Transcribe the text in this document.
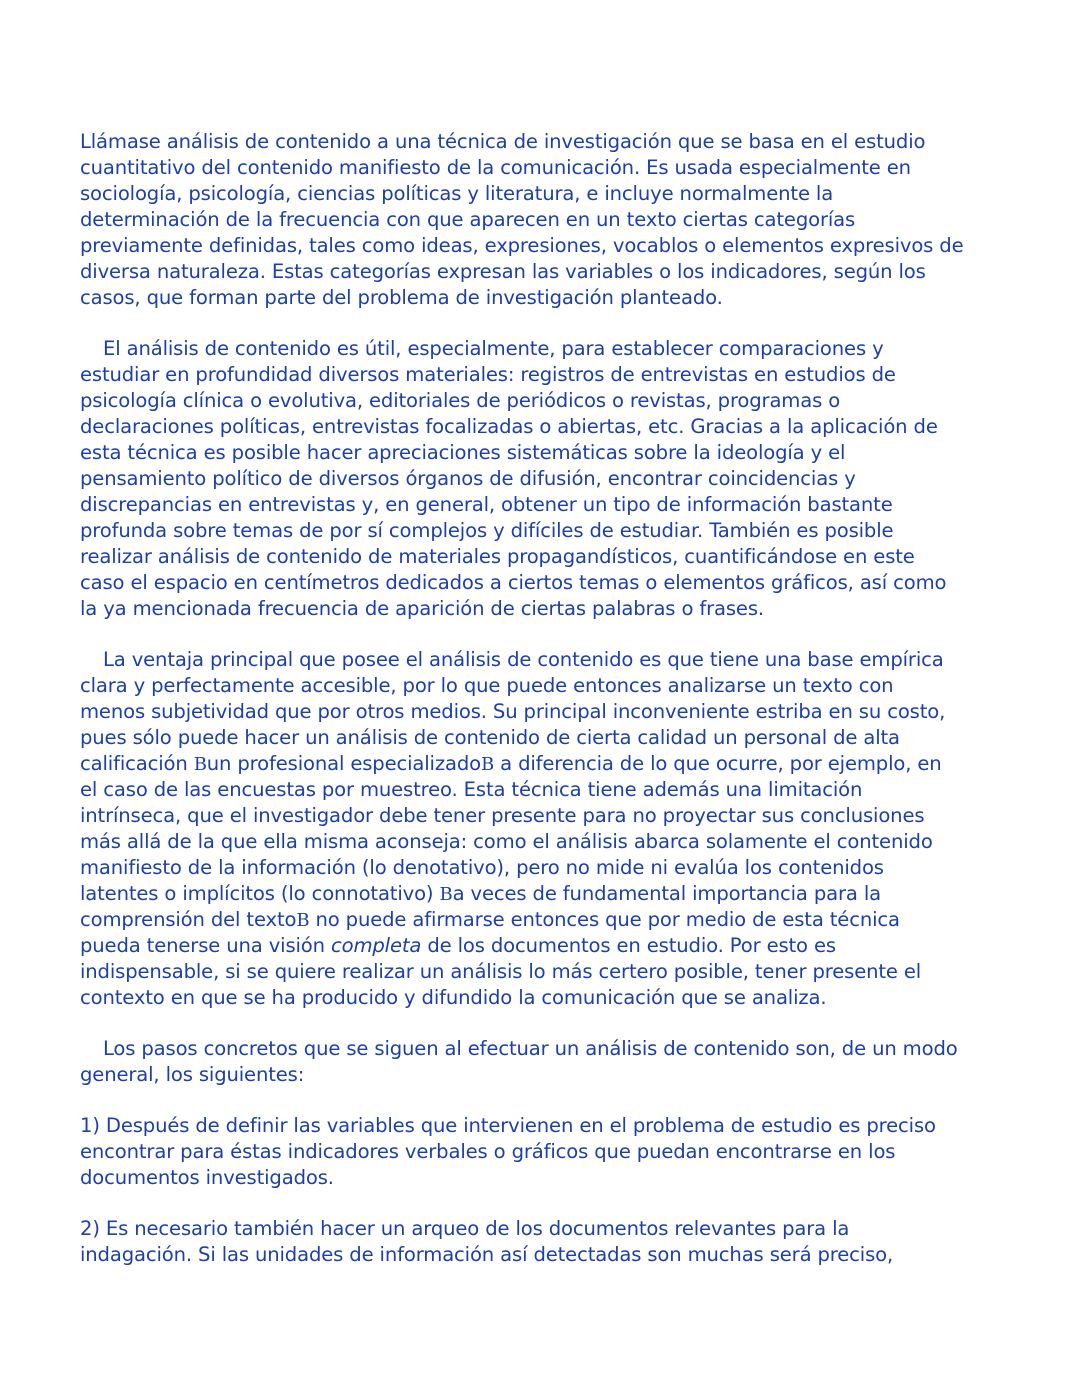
Llámase análisis de contenido a una técnica de investigación que se basa en el estudio
cuantitativo del contenido manifiesto de la comunicación. Es usada especialmente en
sociología, psicología, ciencias políticas y literatura, e incluye normalmente la
determinación de la frecuencia con que aparecen en un texto ciertas categorías
previamente definidas, tales como ideas, expresiones, vocablos o elementos expresivos de
diversa naturaleza. Estas categorías expresan las variables o los indicadores, según los
casos, que forman parte del problema de investigación planteado.
El análisis de contenido es útil, especialmente, para establecer comparaciones y
estudiar en profundidad diversos materiales: registros de entrevistas en estudios de
psicología clínica o evolutiva, editoriales de periódicos o revistas, programas o
declaraciones políticas, entrevistas focalizadas o abiertas, etc. Gracias a la aplicación de
esta técnica es posible hacer apreciaciones sistemáticas sobre la ideología y el
pensamiento político de diversos órganos de difusión, encontrar coincidencias y
discrepancias en entrevistas y, en general, obtener un tipo de información bastante
profunda sobre temas de por sí complejos y difíciles de estudiar. También es posible
realizar análisis de contenido de materiales propagandísticos, cuantificándose en este
caso el espacio en centímetros dedicados a ciertos temas o elementos gráficos, así como
la ya mencionada frecuencia de aparición de ciertas palabras o frases.
La ventaja principal que posee el análisis de contenido es que tiene una base empírica
clara y perfectamente accesible, por lo que puede entonces analizarse un texto con
menos subjetividad que por otros medios. Su principal inconveniente estriba en su costo,
pues sólo puede hacer un análisis de contenido de cierta calidad un personal de alta
calificación Bun profesional especializadoB a diferencia de lo que ocurre, por ejemplo, en
el caso de las encuestas por muestreo. Esta técnica tiene además una limitación
intrínseca, que el investigador debe tener presente para no proyectar sus conclusiones
más allá de la que ella misma aconseja: como el análisis abarca solamente el contenido
manifiesto de la información (lo denotativo), pero no mide ni evalúa los contenidos
latentes o implícitos (lo connotativo) Ba veces de fundamental importancia para la
comprensión del textoB no puede afirmarse entonces que por medio de esta técnica
pueda tenerse una visión completa de los documentos en estudio. Por esto es
indispensable, si se quiere realizar un análisis lo más certero posible, tener presente el
contexto en que se ha producido y difundido la comunicación que se analiza.
Los pasos concretos que se siguen al efectuar un análisis de contenido son, de un modo
general, los siguientes:
1) Después de definir las variables que intervienen en el problema de estudio es preciso
encontrar para éstas indicadores verbales o gráficos que puedan encontrarse en los
documentos investigados.
2) Es necesario también hacer un arqueo de los documentos relevantes para la
indagación. Si las unidades de información así detectadas son muchas será preciso,
